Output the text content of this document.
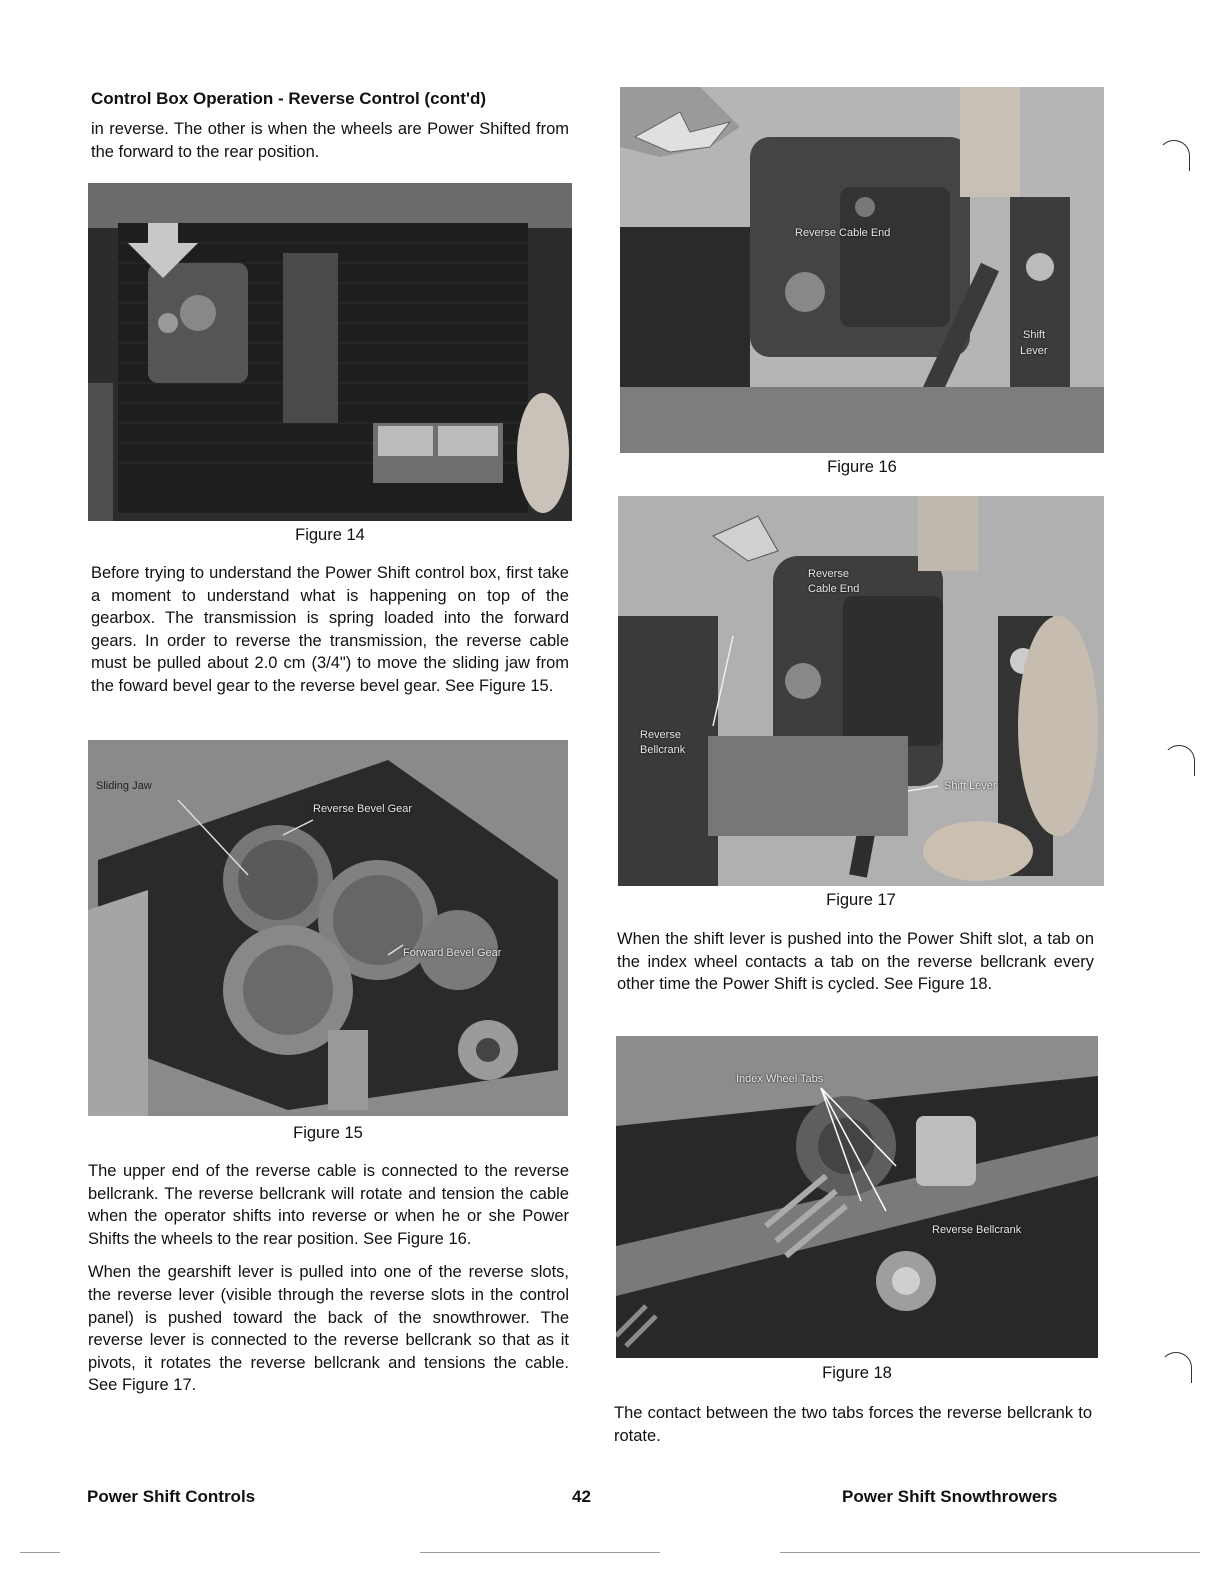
Control Box Operation - Reverse Control (cont'd)

in reverse. The other is when the wheels are Power Shifted from the forward to the rear position.

Figure 14

Before trying to understand the Power Shift control box, first take a moment to understand what is happening on top of the gearbox. The transmission is spring loaded into the forward gears. In order to reverse the transmission, the reverse cable must be pulled about 2.0 cm (3/4") to move the sliding jaw from the foward bevel gear to the reverse bevel gear. See Figure 15.

Sliding Jaw
Reverse Bevel Gear
Forward Bevel Gear
Figure 15

The upper end of the reverse cable is connected to the reverse bellcrank. The reverse bellcrank will rotate and tension the cable when the operator shifts into reverse or when he or she Power Shifts the wheels to the rear position. See Figure 16.

When the gearshift lever is pulled into one of the reverse slots, the reverse lever (visible through the reverse slots in the control panel) is pushed toward the back of the snowthrower. The reverse lever is connected to the reverse bellcrank so that as it pivots, it rotates the reverse bellcrank and tensions the cable. See Figure 17.

Reverse Cable End
Shift
Lever
Figure 16
Reverse
Cable End
Reverse
Bellcrank
Shift Lever
Figure 17

When the shift lever is pushed into the Power Shift slot, a tab on the index wheel contacts a tab on the reverse bellcrank every other time the Power Shift is cycled. See Figure 18.

Index Wheel Tabs
Reverse Bellcrank
Figure 18

The contact between the two tabs forces the reverse bellcrank to rotate.

Power Shift Controls	42	Power Shift Snowthrowers
